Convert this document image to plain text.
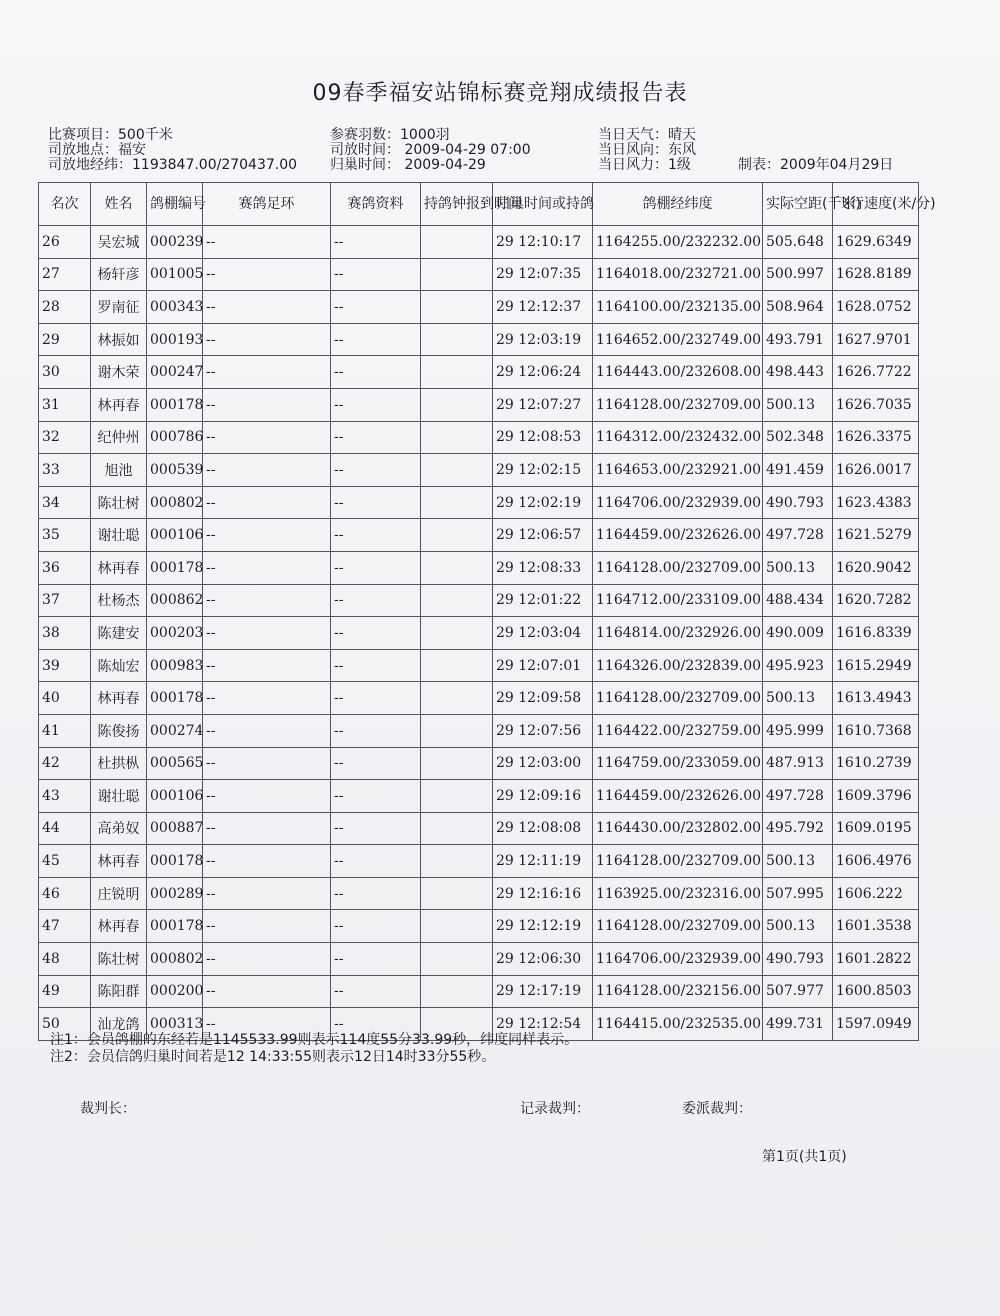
09春季福安站锦标赛竞翔成绩报告表
比赛项目：500千米
司放地点：福安
司放地经纬：1193847.00/270437.00
参赛羽数：1000羽
司放时间： 2009-04-29 07:00
归巢时间： 2009-04-29
当日天气：晴天
当日风向：东风
当日风力：1级	制表：2009年04月29日
名次	姓名	鸽棚编号	赛鸽足环	赛鸽资料	持鸽钟报到时间	归巢时间或持鸽	鸽棚经纬度	实际空距(千米)	飞行速度(米/分)
26	吴宏城	000239	--	--		29 12:10:17	1164255.00/232232.00	505.648	1629.6349
27	杨轩彦	001005	--	--		29 12:07:35	1164018.00/232721.00	500.997	1628.8189
28	罗南征	000343	--	--		29 12:12:37	1164100.00/232135.00	508.964	1628.0752
29	林振如	000193	--	--		29 12:03:19	1164652.00/232749.00	493.791	1627.9701
30	谢木荣	000247	--	--		29 12:06:24	1164443.00/232608.00	498.443	1626.7722
31	林再春	000178	--	--		29 12:07:27	1164128.00/232709.00	500.13	1626.7035
32	纪仲州	000786	--	--		29 12:08:53	1164312.00/232432.00	502.348	1626.3375
33	旭池	000539	--	--		29 12:02:15	1164653.00/232921.00	491.459	1626.0017
34	陈壮树	000802	--	--		29 12:02:19	1164706.00/232939.00	490.793	1623.4383
35	谢壮聪	000106	--	--		29 12:06:57	1164459.00/232626.00	497.728	1621.5279
36	林再春	000178	--	--		29 12:08:33	1164128.00/232709.00	500.13	1620.9042
37	杜杨杰	000862	--	--		29 12:01:22	1164712.00/233109.00	488.434	1620.7282
38	陈建安	000203	--	--		29 12:03:04	1164814.00/232926.00	490.009	1616.8339
39	陈灿宏	000983	--	--		29 12:07:01	1164326.00/232839.00	495.923	1615.2949
40	林再春	000178	--	--		29 12:09:58	1164128.00/232709.00	500.13	1613.4943
41	陈俊扬	000274	--	--		29 12:07:56	1164422.00/232759.00	495.999	1610.7368
42	杜拱枞	000565	--	--		29 12:03:00	1164759.00/233059.00	487.913	1610.2739
43	谢壮聪	000106	--	--		29 12:09:16	1164459.00/232626.00	497.728	1609.3796
44	高弟奴	000887	--	--		29 12:08:08	1164430.00/232802.00	495.792	1609.0195
45	林再春	000178	--	--		29 12:11:19	1164128.00/232709.00	500.13	1606.4976
46	庄锐明	000289	--	--		29 12:16:16	1163925.00/232316.00	507.995	1606.222
47	林再春	000178	--	--		29 12:12:19	1164128.00/232709.00	500.13	1601.3538
48	陈壮树	000802	--	--		29 12:06:30	1164706.00/232939.00	490.793	1601.2822
49	陈阳群	000200	--	--		29 12:17:19	1164128.00/232156.00	507.977	1600.8503
50	汕龙鸽	000313	--	--		29 12:12:54	1164415.00/232535.00	499.731	1597.0949
注1：会员鸽棚的东经若是1145533.99则表示114度55分33.99秒，纬度同样表示。
注2：会员信鸽归巢时间若是12 14:33:55则表示12日14时33分55秒。
裁判长：	记录裁判：	委派裁判：
第1页(共1页)
